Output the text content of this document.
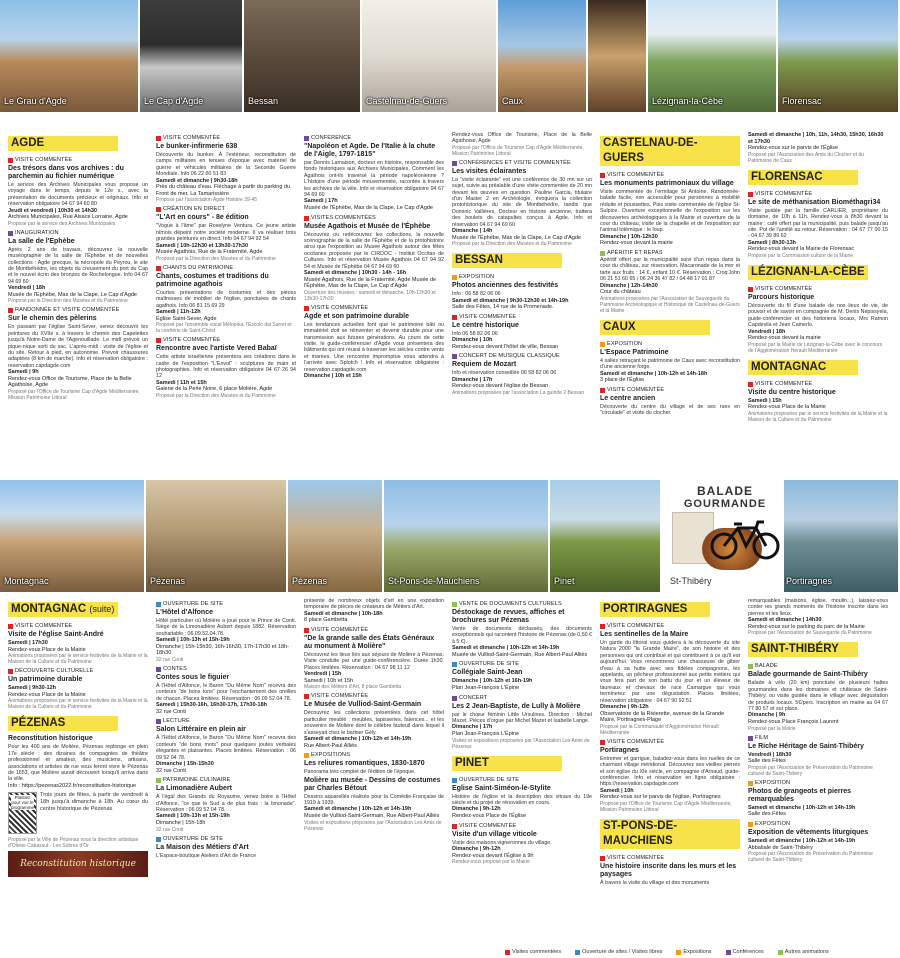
Le Grau d'Agde	Le Cap d'Agde	Bessan	Castelnau-de-Guers	Caux	Lézignan-la-Cèbe	Florensac
AGDE
VISITE COMMENTÉE
Des trésors dans vos archives : du parchemin au fichier numérique
Le service des Archives Municipales vous propose un voyage dans le temps, depuis le 12e s., avec la présentation de documents précieux et originaux. Info et réservation obligatoire 04 67 94 60 80
Jeudi et vendredi | 10h30 et 14h30
Archives Municipales, Rue Alsace Lorraine, Agde
Proposé par le service des Archives Municipales
INAUGURATION
La salle de l'Ephèbe
Après 2 ans de travaux, découvrez la nouvelle muséographie de la salle de l'Éphèbe et de nouvelles collections : Agde grecque, la nécropole du Peyrou, le site de Montbéhédre, les objets du creusement du port du Cap et le nouvel écrin des bronzes de Rochelongue. Info 04 67 94 69 60
Vendredi | 18h
Musée de l'Ephèbe, Mas de la Clape, Le Cap d'Agde
Proposé par la Direction des Musées et du Patrimoine
RANDONNÉE ET VISITE COMMENTÉE
Sur le chemin des pèlerins
En passant par l'église Saint-Sever, venez découvrir les peintures du XVIIe s. à travers le chemin des Capelettes jusqu'à Notre-Dame de l'Agenouillade. Le midi prévoir un pique-nique sorti du sac. L'après-midi : visite de l'église et du site. Retour à pied, en autonomie. Prévoir chaussures adaptées (8 km de marche). Info et réservation obligatoire : reservation.capdagde.com
Samedi | 9h
Rendez-vous Office de Tourisme, Place de la Belle Agathoise, Agde
Proposé par l'Office de Tourisme Cap d'Agde Méditerranée, Mission Patrimoine Littoral
VISITE COMMENTÉE
Le bunker-infirmerie 638
Découverte du bunker. À l'extérieur, reconstitution de camps militaires en tenues d'époque avec matériel de guerre et véhicules militaires de la Seconde Guerre Mondiale. Info 06 22 60 51 83
Samedi et dimanche | 9h30-18h
Près du château d'eau. Fléchage à partir du parking du Front de mer, La Tamarissière
Proposé par l'association Agde Histoire 39-45
CRÉATION EN DIRECT
"L'Art en cours" - 8e édition
"Vogue à l'âme" par Roselyne Ventura. Ce jeune artiste nîmois dépeint notre société moderne. Il va réaliser trois grandes peintures en direct. Info 04 67 94 92 54
Samedi | 10h-12h30 et 13h30-17h30
Musée Agathois, Rue de la Fraternité, Agde
Proposé par la Direction des Musées et du Patrimoine
CHANTS DU PATRIMOINE
Chants, costumes et traditions du patrimoine agathois
Courtes présentations de costumes et des pièces maîtresses de mobilier de l'église, ponctuées de chants agathois. Info 06 81 15 69 29
Samedi | 11h-12h
Église Saint-Sever, Agde
Proposé par l'ensemble vocal Mélopéia, l'Escolo dai Sarret et la confrérie de Saint-Christ
VISITE COMMENTÉE
Rencontre avec l'artiste Vered Babaï
Cette artiste israélienne présentera ses créations dans le cadre de l'exposition "L'Envol" : sculptures de main et photographies. Info et réservation obligatoire 04 67 26 94 12
Samedi | 11h et 15h
Galerie de la Perle Noire, 6 place Molière, Agde
Proposé par la Direction des Musées et du Patrimoine
CONFÉRENCE
"Napoléon et Agde. De l'Italie à la chute de l'Aigle, 1797-1815"
par Dennis Lamaison, docteur en histoire, responsable des fonds historiques aux Archives Municipales. Comment les Agathois ont-ils traversé la période napoléonienne ? L'histoire d'une période mouvementée, racontée à travers les archives de la ville. Info et réservation obligatoire 04 67 94 69 60
Samedi | 17h
Musée de l'Éphèbe, Mas de la Clape, Le Cap d'Agde
VISITES COMMENTÉES
Musée Agathois et Musée de l'Éphèbe
Découvrez ou redécouvrez les collections, la nouvelle scénographie de la salle de l'Éphèbe et de la protohistoire ainsi que l'exposition au Musée Agathois autour des fêtes occitanes proposée par le CIRDOC - Institut Occitan de Cultures. Info et réservation Musée Agathois 04 67 94 92 54 et Musée de l'Éphèbe 04 67 94 69 60
Samedi et dimanche | 10h30 - 14h - 16h
Musée Agathois, Rue de la Fraternité, Agde Musée de l'Éphèbe, Mas de la Clape, Le Cap d'Agde
Ouverture des musées : samedi et dimanche, 10h-12h30 et 13h30-17h30
VISITE COMMENTÉE
Agde et son patrimoine durable
Les tendances actuelles font que le patrimoine bâti ou immatériel doit se réinventer et devenir durable pour une transmission aux futures générations. Au cours de cette visite, le guide-conférencier d'Agde vous présentera des bâtiments qui ont réussi à traverser les siècles contre vents et marées. Une rencontre impromptue vous attendra à l'arrivée avec Splotch ! Info et réservation obligatoire : reservation.capdagde.com
Dimanche | 10h et 15h
Rendez-vous Office de Tourisme, Place de la Belle Agathoise, Agde
Proposé par l'Office de Tourisme Cap d'Agde Méditerranée, Mission Patrimoine Littoral
CONFÉRENCES ET VISITE COMMENTÉE
Les visites éclairantes
La "visite éclairante" est une conférence de 30 mn sur un sujet, suivie au préalable d'une visite commentée de 20 mn devant les œuvres en question. Pauline Garcia, titulaire d'un Master 2 en Archéologie, évoquera la collection protohistorique du site de Montbéhédre, tandis que Dominic Vallières, Docteur en histoire ancienne, traitera des boulets de catapultes conçus à Agde. Info et réservation 04 67 94 69 60
Dimanche | 14h
Musée de l'Éphèbe, Mas de la Clape, Le Cap d'Agde
Proposé par la Direction des Musées et du Patrimoine
BESSAN
EXPOSITION
Photos anciennes des festivités
Info : 06 58 82 06 06
Samedi et dimanche | 9h30-12h30 et 14h-19h
Salle des Fêtes, 14 rue de la Promenade.
VISITE COMMENTÉE
Le centre historique
Info 06 58 82 06 06
Dimanche | 10h
Rendez-vous devant l'hôtel de ville, Bessan
CONCERT DE MUSIQUE CLASSIQUE
Requiem de Mozart
Info et réservation conseillée 06 58 82 06 06
Dimanche | 17h
Rendez-vous devant l'église de Bessan
Animations proposées par l'association La guinde 2 Bessan
CASTELNAU-DE-GUERS
VISITE COMMENTÉE
Les monuments patrimoniaux du village
Visite commentée de l'ermitage St Antoine. Randonnée-balade facile, non accessible pour personnes à mobilité réduite et poussettes. Puis visite commentée de l'église St-Sulpice. Ouverture exceptionnelle de l'exposition sur les découvertes archéologiques à la Mairie et ouverture de la cour du château, visite de la chapelle et de l'exposition sur l'animal totémique : le loup.
Dimanche | 10h-12h30
Rendez-vous devant la mairie
APÉRITIF ET REPAS
Apéritif offert par la municipalité suivi d'un repas dans la cour du château, sur réservation. Macaronade de la mer et tarte aux fruits : 14 €, enfant 10 €. Réservation : Croq'John 06 21 51 60 65 / 06 24 36 47 82 / 04 48 17 01 87
Dimanche | 12h-14h30
Cour du château
Animations proposées par l'Association de Sauvegarde du Patrimoine Archéologique et Historique de Castelnau-de-Guers et la Mairie
CAUX
EXPOSITION
L'Espace Patrimoine
4 salles retraçant le patrimoine de Caux avec reconstitution d'une ancienne forge.
Samedi et dimanche | 10h-12h et 14h-18h
3 place de l'Église
VISITE COMMENTÉE
Le centre ancien
Découverte du centre du village et de ses rues en "circulade" et visite du clocher.
Samedi et dimanche | 10h, 11h, 14h30, 15h30, 16h30 et 17h30
Rendez-vous sur le parvis de l'Église
Proposé par l'Association des Amis du Clocher et du Patrimoine de Caux
FLORENSAC
VISITE COMMENTÉE
Le site de méthanisation Biométhagri34
Visite guidée par la famille CARLIER, propriétaire du domaine, de 10h à 11h. Rendez-vous à 8h30 devant la mairie : café offert par la municipalité, puis balade jusqu'au site. Pot de l'amitié au retour. Réservation : 04 67 77 00 15 - 04 67 39 89 62
Samedi | 8h30-13h
Rendez-vous devant la Mairie de Florensac
Proposé par la Commission culture de la Mairie
LÉZIGNAN-LA-CÈBE
VISITE COMMENTÉE
Parcours historique
Découverte du fil d'une balade de nos lieux de vie, de pouvoir et de savoir en compagnie de M. Denis Népissyela, guide-conférencier et des historiens locaux, Mrs Ramon Capdevila et Jean Camerlo.
Vendredi | 18h
Rendez-vous devant la mairie
Proposé par la Mairie de Lézignan-la-Cèbe avec le concours de l'Agglomération Hérault Méditerranée
MONTAGNAC
VISITE COMMENTÉE
Visite du centre historique
Samedi | 15h
Rendez-vous Place de la Mairie
Animations proposées par le service festivités de la Mairie et la Maison de la Culture et du Patrimoine
Montagnac	Pézenas	Pézenas	St-Pons-de-Mauchiens	Pinet	Portiragnes
BALADE
GOURMANDE
St-Thibéry
MONTAGNAC (suite)
VISITE COMMENTÉE
Visite de l'église Saint-André
Samedi | 17h30
Rendez-vous Place de la Mairie
Animations proposées par le service festivités de la Mairie et la Maison de la Culture et du Patrimoine
DÉCOUVERTE CULTURELLE
Un patrimoine durable
Samedi | 9h30-12h
Rendez-vous Place de la Mairie
Animations proposées par le service festivités de la Mairie et la Maison de la Culture et du Patrimoine
PÉZENAS
Reconstitution historique
Pour les 400 ans de Molière, Pézenas replonge en plein 17e siècle : des dizaines de compagnies de théâtre professionnel et amateur, des musiciens, artisans, associations et artistes de rue vous feront vivre le Pézenas de 1653, que Molière aurait découvert lorsqu'il arriva dans la ville.
Info : https://pezenas2022.fr/reconstitution-historique
Plastiez pour voir le programme
Trois jours de fêtes, à partir de vendredi à 18h jusqu'à dimanche à 18h. Au cœur du centre historique de Pézenas
Proposé par la Ville de Pézenas sous la direction artistique d'Olivier Cabassut - Les Sobres d'Or
Reconstitution historique
OUVERTURE DE SITE
L'Hôtel d'Alfonce
Hôtel particulier où Molière a joué pour le Prince de Conti. Siège de la Limonadière Aubert depuis 1882. Réservation souhaitable : 06.09.52.04.78.
Samedi | 10h-13h et 15h-19h
Dimanche | 15h-15h30, 16h-16h30, 17h-17h30 et 18h-18h30
32 rue Conti
CONTES
Contes sous le figuier
À l'Hôtel d'Alfonce, le Baron "Du Même Nom" recevra des conteurs "de bons tons" pour l'enchantement des oreilles de chacun. Places limitées. Réservation : 06 09 52 04 78.
Samedi | 15h30-16h, 16h30-17h, 17h30-18h
32 rue Conti
LECTURE
Salon Littéraire en plein air
À l'Hôtel d'Alfonce, le Baron "Du Même Nom" recevra des conteurs "de bons mots" pour quelques joutes verbales élégantes et plaisantes. Places limitées. Réservation : 06 09 52 04 78.
Dimanche | 15h-15h30
32 rue Conti
PATRIMOINE CULINAIRE
La Limonadière Aubert
À l'égal des Grands du Royaume, venez boire à l'Hôtel d'Alfonce, "ce que le Sud a de plus frais : la limonade". Réservation : 06 09 52 04 78.
Samedi | 10h-13h et 15h-19h
Dimanche | 15h-18h
32 rue Conti
OUVERTURE DE SITE
La Maison des Métiers d'Art
L'Espace-boutique Ateliers d'Art de France
présente de nombreux objets d'art en une exposition temporaire de pièces de créateurs de Métiers d'Art.
Samedi et dimanche | 10h-18h
8 place Gambetta
VISITE COMMENTÉE
"De la grande salle des États Généraux au monument à Molière"
Découvrez les lieux liés aux séjours de Molière à Pézenas. Visite conduite par une guide-conférencière. Durée 1h30. Places limitées. Réservation : 04 67 98 11 12
Vendredi | 15h
Samedi | 10h et 15h
Maison des Métiers d'Art, 8 place Gambetta
VISITE COMMENTÉE
Le Musée de Vulliod-Saint-Germain
Découvrez les collections présentées dans cet hôtel particulier meublé : meubles, tapisseries, faïences... et les souvenirs de Molière dont le célèbre fauteuil dans lequel il s'asseyait chez le barbier Gély.
Samedi et dimanche | 10h-12h et 14h-19h
Rue Albert-Paul Alliès
EXPOSITIONS
Les reliures romantiques, 1830-1870
Panorama très complet de l'édition de l'époque.
Molière au musée - Dessins de costumes par Charles Bétout
Dessins aquarellés réalisés pour la Comédie-Française de 1919 à 1939.
Samedi et dimanche | 10h-12h et 14h-19h
Musée de Vulliod-Saint-Germain, Rue Albert-Paul Alliès
Visites et expositions proposées par l'Association Les Amis de Pézenas
VENTE DE DOCUMENTS CULTURELS
Déstockage de revues, affiches et brochures sur Pézenas
Vente de documents déclassés, des documents exceptionnels qui racontent l'histoire de Pézenas (de 0,50 € à 5 €).
Samedi et dimanche | 10h-12h et 14h-19h
Musée de Vulliod-Saint-Germain, Rue Albert-Paul Alliès
OUVERTURE DE SITE
Collégiale Saint-Jean
Dimanche | 10h-12h et 16h-19h
Plan Jean-François L'Épine
CONCERT
Les 2 Jean-Baptiste, de Lully à Molière
par le chœur féminin Little Ursulines. Direction : Michel Mazet. Pièces d'orgue par Michel Mazet et Isabelle Lange.
Dimanche | 17h
Plan Jean-François L'Épine
Visites et expositions proposées par l'Association Les Amis de Pézenas
PINET
OUVERTURE DE SITE
Eglise Saint-Siméon-le-Stylite
Histoire de l'église et la description des vitraux du 19e siècle et du projet de rénovation en cours.
Dimanche | 9h-12h
Rendez-vous Place de l'Église
VISITE COMMENTÉE
Visite d'un village viticole
Visite des maisons vigneronnes du village.
Dimanche | 9h-12h
Rendez-vous devant l'Église à 9h
Rendez-vous proposé par la Mairie
PORTIRAGNES
VISITE COMMENTÉE
Les sentinelles de la Maire
Un garde du littoral vous guidera à la découverte du site Natura 2000 "la Grande Maïre", de son histoire et des personnes qui ont contribué et qui contribuent à ce qu'il est aujourd'hui. Vous rencontrerez une chasseuse de gibier d'eau à sa hutte avec ses fidèles compagnons, les appelants, un pêcheur professionnel aux petits métiers qui vous fera part de son battu du jour et un éleveur de taureaux et chevaux de race Camargue qui vous terminerez par une dégustation. Places limitées, réservation obligatoire : 04 67 90 92 51
Dimanche | 9h-12h
Observatoire de la Rivierette, avenue de la Grande Maïre, Portiragnes-Plage
Proposé par la Communauté d'Agglomération Hérault Méditerranée
VISITE COMMENTÉE
Portiragnes
Entremer et garrigue, baladez-vous dans les ruelles de ce charmant village méridional. Découvrez ses vieilles pierres et son église du XIe siècle, en compagnie d'Arnaud, guide-conférencier. Info et réservation en ligne obligatoire : https://reservation.capdagde.com
Samedi | 10h
Rendez-vous sur le parvis de l'église, Portiragnes
Proposé par l'Office de Tourisme Cap d'Agde Méditerranée, Mission Patrimoine Littoral
ST-PONS-DE-MAUCHIENS
VISITE COMMENTÉE
Une histoire inscrite dans les murs et les paysages
À travers la visite du village et des monuments
remarquables (maisons, église, moulin...), laissez-vous conter les grands moments de l'histoire inscrite dans les pierres et les lieux.
Samedi et dimanche | 14h30
Rendez-vous sur le parking du parc de la Mairie
Proposé par l'Association de Sauvegarde du Patrimoine
SAINT-THIBÉRY
BALADE
Balade gourmande de Saint-Thibéry
Balade à vélo (20 km) ponctuée de plusieurs haltes gourmandes dans les domaines et châteaux de Saint-Thibéry, ou visite guidée dans le village avec dégustation de produits locaux. 5€/pers. Inscription en mairie au 04 67 77 80 57 et sur place.
Dimanche | 9h
Rendez-vous Place François Laurent
Proposé par la Mairie
FILM
Le Riche Héritage de Saint-Thibéry
Vendredi | 18h30
Salle des Fêtes
Proposé par l'Association de Préservation du Patrimoine culturel de Saint-Thibéry
EXPOSITION
Photos de grangeots et pierres remarquables
Samedi et dimanche | 10h-12h et 14h-19h
Salle des Fêtes
EXPOSITION
Exposition de vêtements liturgiques
Samedi et dimanche | 10h-12h et 14h-19h
Abbatiale de Saint-Thibéry
Proposé par l'Association de Préservation du Patrimoine culturel de Saint-Thibéry
Visites commentées	Ouverture de sites / Visites libres	Expositions	Conférences	Autres animations
